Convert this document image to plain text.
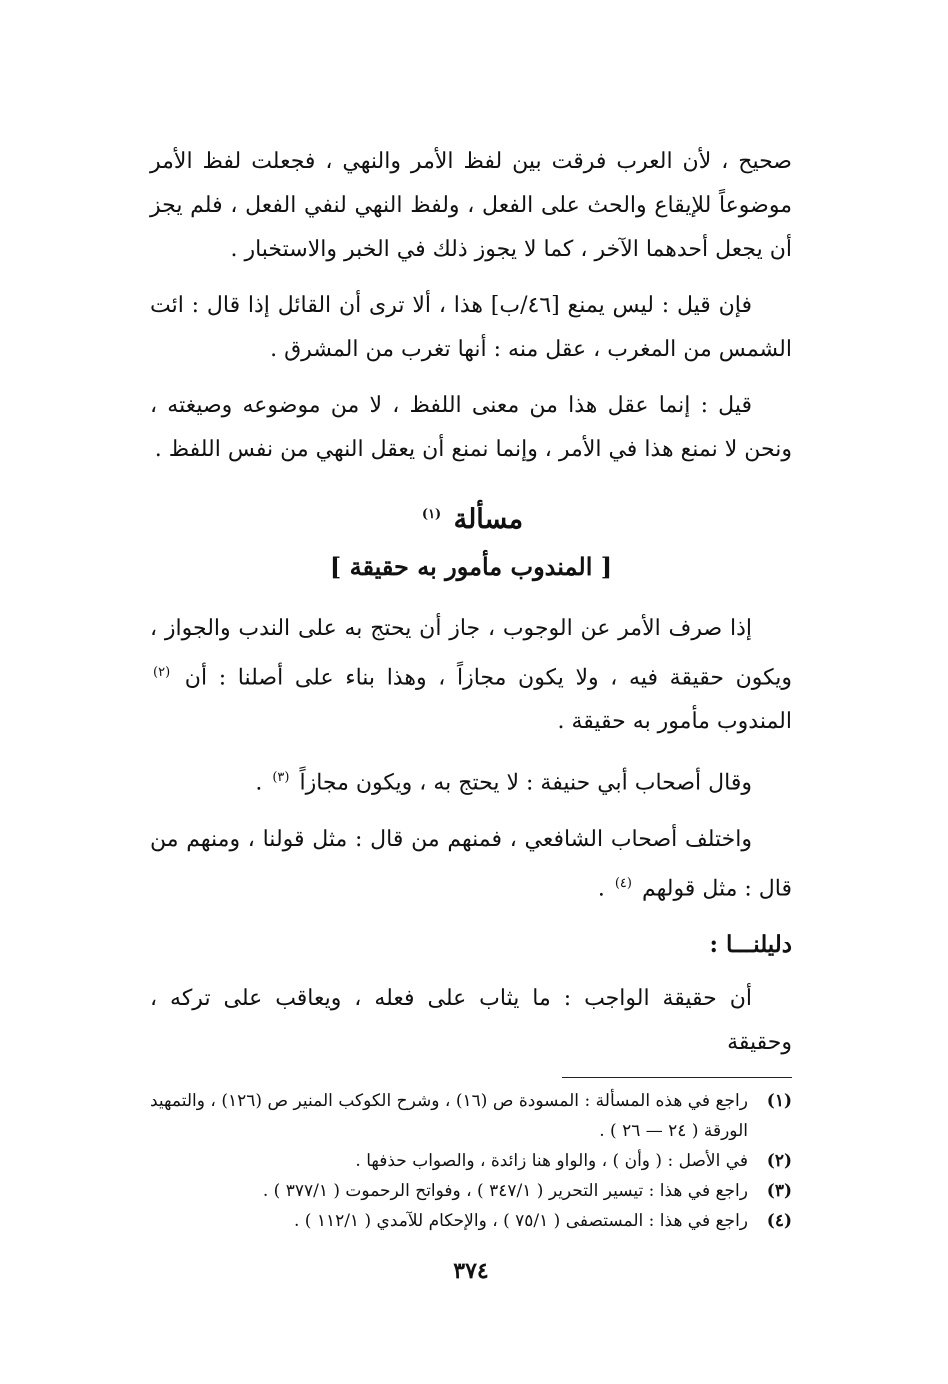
صحيح ، لأن العرب فرقت بين لفظ الأمر والنهي ، فجعلت لفظ الأمر موضوعاً للإيقاع والحث على الفعل ، ولفظ النهي لنفي الفعل ، فلم يجز أن يجعل أحدهما الآخر ، كما لا يجوز ذلك في الخبر والاستخبار .

فإن قيل : ليس يمنع [٤٦/ب] هذا ، ألا ترى أن القائل إذا قال : ائت الشمس من المغرب ، عقل منه : أنها تغرب من المشرق .

قيل : إنما عقل هذا من معنى اللفظ ، لا من موضوعه وصيغته ، ونحن لا نمنع هذا في الأمر ، وإنما نمنع أن يعقل النهي من نفس اللفظ .

مسألة $^{(١)}$
[ المندوب مأمور به حقيقة ]

إذا صرف الأمر عن الوجوب ، جاز أن يحتج به على الندب والجواز ، ويكون حقيقة فيه ، ولا يكون مجازاً ، وهذا بناء على أصلنا : أن $^{(٢)}$ المندوب مأمور به حقيقة .

وقال أصحاب أبي حنيفة : لا يحتج به ، ويكون مجازاً $^{(٣)}$ .

واختلف أصحاب الشافعي ، فمنهم من قال : مثل قولنا ، ومنهم من قال : مثل قولهم $^{(٤)}$ .

دليلنـــا :

أن حقيقة الواجب : ما يثاب على فعله ، ويعاقب على تركه ، وحقيقة

(١)
راجع في هذه المسألة : المسودة ص (١٦) ، وشرح الكوكب المنير ص (١٢٦) ، والتمهيد الورقة ( ٢٤ — ٢٦ ) .
(٢)
في الأصل : ( وأن ) ، والواو هنا زائدة ، والصواب حذفها .
(٣)
راجع في هذا : تيسير التحرير ( ٣٤٧/١ ) ، وفواتح الرحموت ( ٣٧٧/١ ) .
(٤)
راجع في هذا : المستصفى ( ٧٥/١ ) ، والإحكام للآمدي ( ١١٢/١ ) .
٣٧٤
